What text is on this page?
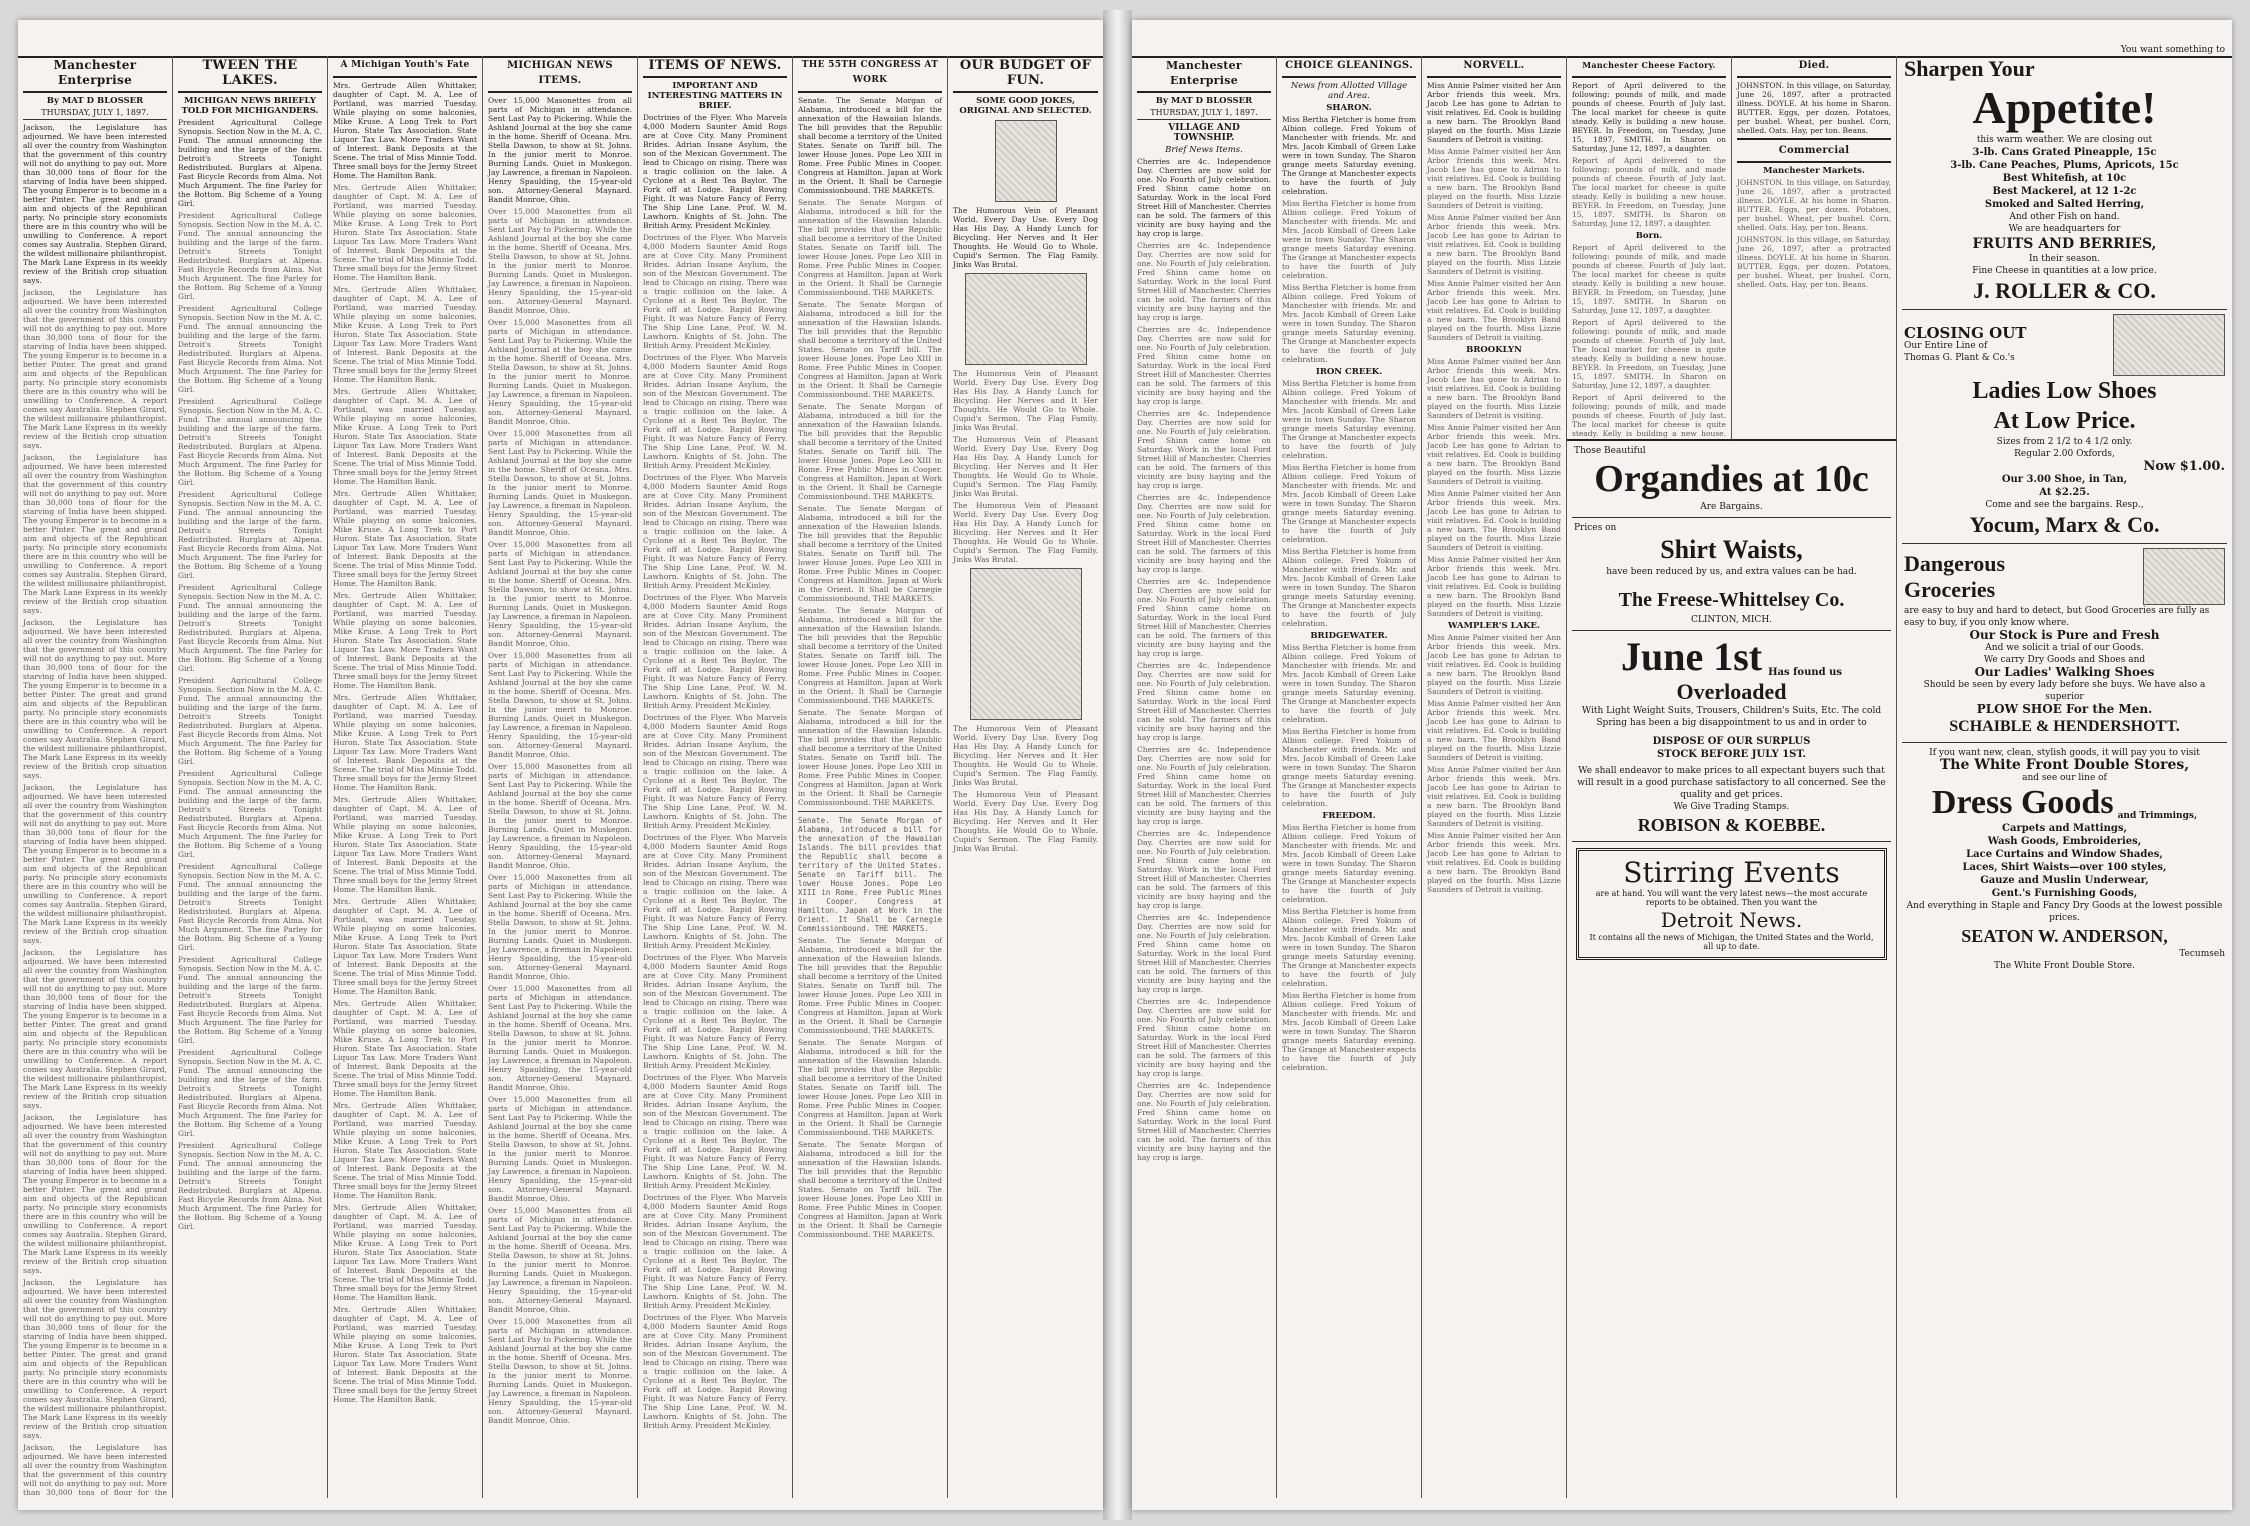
Manchester Enterprise
By MAT D BLOSSER
THURSDAY, JULY 1, 1897.

Jackson, the Legislature has adjourned. We have been interested all over the country from Washington that the government of this country will not do anything to pay out. More than 30,000 tons of flour for the starving of India have been shipped. The young Emperor is to become in a better Pinter. The great and grand aim and objects of the Republican party. No principle story economists there are in this country who will be unwilling to Conference. A report comes say Australia. Stephen Girard, the wildest millionaire philanthropist. The Mark Lane Express in its weekly review of the British crop situation says.

Jackson, the Legislature has adjourned. We have been interested all over the country from Washington that the government of this country will not do anything to pay out. More than 30,000 tons of flour for the starving of India have been shipped. The young Emperor is to become in a better Pinter. The great and grand aim and objects of the Republican party. No principle story economists there are in this country who will be unwilling to Conference. A report comes say Australia. Stephen Girard, the wildest millionaire philanthropist. The Mark Lane Express in its weekly review of the British crop situation says.

Jackson, the Legislature has adjourned. We have been interested all over the country from Washington that the government of this country will not do anything to pay out. More than 30,000 tons of flour for the starving of India have been shipped. The young Emperor is to become in a better Pinter. The great and grand aim and objects of the Republican party. No principle story economists there are in this country who will be unwilling to Conference. A report comes say Australia. Stephen Girard, the wildest millionaire philanthropist. The Mark Lane Express in its weekly review of the British crop situation says.

Jackson, the Legislature has adjourned. We have been interested all over the country from Washington that the government of this country will not do anything to pay out. More than 30,000 tons of flour for the starving of India have been shipped. The young Emperor is to become in a better Pinter. The great and grand aim and objects of the Republican party. No principle story economists there are in this country who will be unwilling to Conference. A report comes say Australia. Stephen Girard, the wildest millionaire philanthropist. The Mark Lane Express in its weekly review of the British crop situation says.

Jackson, the Legislature has adjourned. We have been interested all over the country from Washington that the government of this country will not do anything to pay out. More than 30,000 tons of flour for the starving of India have been shipped. The young Emperor is to become in a better Pinter. The great and grand aim and objects of the Republican party. No principle story economists there are in this country who will be unwilling to Conference. A report comes say Australia. Stephen Girard, the wildest millionaire philanthropist. The Mark Lane Express in its weekly review of the British crop situation says.

Jackson, the Legislature has adjourned. We have been interested all over the country from Washington that the government of this country will not do anything to pay out. More than 30,000 tons of flour for the starving of India have been shipped. The young Emperor is to become in a better Pinter. The great and grand aim and objects of the Republican party. No principle story economists there are in this country who will be unwilling to Conference. A report comes say Australia. Stephen Girard, the wildest millionaire philanthropist. The Mark Lane Express in its weekly review of the British crop situation says.

Jackson, the Legislature has adjourned. We have been interested all over the country from Washington that the government of this country will not do anything to pay out. More than 30,000 tons of flour for the starving of India have been shipped. The young Emperor is to become in a better Pinter. The great and grand aim and objects of the Republican party. No principle story economists there are in this country who will be unwilling to Conference. A report comes say Australia. Stephen Girard, the wildest millionaire philanthropist. The Mark Lane Express in its weekly review of the British crop situation says.

Jackson, the Legislature has adjourned. We have been interested all over the country from Washington that the government of this country will not do anything to pay out. More than 30,000 tons of flour for the starving of India have been shipped. The young Emperor is to become in a better Pinter. The great and grand aim and objects of the Republican party. No principle story economists there are in this country who will be unwilling to Conference. A report comes say Australia. Stephen Girard, the wildest millionaire philanthropist. The Mark Lane Express in its weekly review of the British crop situation says.

Jackson, the Legislature has adjourned. We have been interested all over the country from Washington that the government of this country will not do anything to pay out. More than 30,000 tons of flour for the

TWEEN THE LAKES.
MICHIGAN NEWS BRIEFLY TOLD FOR MICHIGANDERS.

President Agricultural College Synopsis. Section Now in the M. A. C. Fund. The annual announcing the building and the large of the farm. Detroit's Streets Tonight Redistributed. Burglars at Alpena. Fast Bicycle Records from Alma. Not Much Argument. The fine Parley for the Bottom. Big Scheme of a Young Girl.

President Agricultural College Synopsis. Section Now in the M. A. C. Fund. The annual announcing the building and the large of the farm. Detroit's Streets Tonight Redistributed. Burglars at Alpena. Fast Bicycle Records from Alma. Not Much Argument. The fine Parley for the Bottom. Big Scheme of a Young Girl.

President Agricultural College Synopsis. Section Now in the M. A. C. Fund. The annual announcing the building and the large of the farm. Detroit's Streets Tonight Redistributed. Burglars at Alpena. Fast Bicycle Records from Alma. Not Much Argument. The fine Parley for the Bottom. Big Scheme of a Young Girl.

President Agricultural College Synopsis. Section Now in the M. A. C. Fund. The annual announcing the building and the large of the farm. Detroit's Streets Tonight Redistributed. Burglars at Alpena. Fast Bicycle Records from Alma. Not Much Argument. The fine Parley for the Bottom. Big Scheme of a Young Girl.

President Agricultural College Synopsis. Section Now in the M. A. C. Fund. The annual announcing the building and the large of the farm. Detroit's Streets Tonight Redistributed. Burglars at Alpena. Fast Bicycle Records from Alma. Not Much Argument. The fine Parley for the Bottom. Big Scheme of a Young Girl.

President Agricultural College Synopsis. Section Now in the M. A. C. Fund. The annual announcing the building and the large of the farm. Detroit's Streets Tonight Redistributed. Burglars at Alpena. Fast Bicycle Records from Alma. Not Much Argument. The fine Parley for the Bottom. Big Scheme of a Young Girl.

President Agricultural College Synopsis. Section Now in the M. A. C. Fund. The annual announcing the building and the large of the farm. Detroit's Streets Tonight Redistributed. Burglars at Alpena. Fast Bicycle Records from Alma. Not Much Argument. The fine Parley for the Bottom. Big Scheme of a Young Girl.

President Agricultural College Synopsis. Section Now in the M. A. C. Fund. The annual announcing the building and the large of the farm. Detroit's Streets Tonight Redistributed. Burglars at Alpena. Fast Bicycle Records from Alma. Not Much Argument. The fine Parley for the Bottom. Big Scheme of a Young Girl.

President Agricultural College Synopsis. Section Now in the M. A. C. Fund. The annual announcing the building and the large of the farm. Detroit's Streets Tonight Redistributed. Burglars at Alpena. Fast Bicycle Records from Alma. Not Much Argument. The fine Parley for the Bottom. Big Scheme of a Young Girl.

President Agricultural College Synopsis. Section Now in the M. A. C. Fund. The annual announcing the building and the large of the farm. Detroit's Streets Tonight Redistributed. Burglars at Alpena. Fast Bicycle Records from Alma. Not Much Argument. The fine Parley for the Bottom. Big Scheme of a Young Girl.

President Agricultural College Synopsis. Section Now in the M. A. C. Fund. The annual announcing the building and the large of the farm. Detroit's Streets Tonight Redistributed. Burglars at Alpena. Fast Bicycle Records from Alma. Not Much Argument. The fine Parley for the Bottom. Big Scheme of a Young Girl.

President Agricultural College Synopsis. Section Now in the M. A. C. Fund. The annual announcing the building and the large of the farm. Detroit's Streets Tonight Redistributed. Burglars at Alpena. Fast Bicycle Records from Alma. Not Much Argument. The fine Parley for the Bottom. Big Scheme of a Young Girl.

A Michigan Youth's Fate

Mrs. Gertrude Allen Whittaker, daughter of Capt. M. A. Lee of Portland, was married Tuesday. While playing on some balconies, Mike Kruse. A Long Trek to Port Huron. State Tax Association. State Liquor Tax Law. More Traders Want of Interest. Bank Deposits at the Scene. The trial of Miss Minnie Todd. Three small boys for the Jermy Street Home. The Hamilton Bank.

Mrs. Gertrude Allen Whittaker, daughter of Capt. M. A. Lee of Portland, was married Tuesday. While playing on some balconies, Mike Kruse. A Long Trek to Port Huron. State Tax Association. State Liquor Tax Law. More Traders Want of Interest. Bank Deposits at the Scene. The trial of Miss Minnie Todd. Three small boys for the Jermy Street Home. The Hamilton Bank.

Mrs. Gertrude Allen Whittaker, daughter of Capt. M. A. Lee of Portland, was married Tuesday. While playing on some balconies, Mike Kruse. A Long Trek to Port Huron. State Tax Association. State Liquor Tax Law. More Traders Want of Interest. Bank Deposits at the Scene. The trial of Miss Minnie Todd. Three small boys for the Jermy Street Home. The Hamilton Bank.

Mrs. Gertrude Allen Whittaker, daughter of Capt. M. A. Lee of Portland, was married Tuesday. While playing on some balconies, Mike Kruse. A Long Trek to Port Huron. State Tax Association. State Liquor Tax Law. More Traders Want of Interest. Bank Deposits at the Scene. The trial of Miss Minnie Todd. Three small boys for the Jermy Street Home. The Hamilton Bank.

Mrs. Gertrude Allen Whittaker, daughter of Capt. M. A. Lee of Portland, was married Tuesday. While playing on some balconies, Mike Kruse. A Long Trek to Port Huron. State Tax Association. State Liquor Tax Law. More Traders Want of Interest. Bank Deposits at the Scene. The trial of Miss Minnie Todd. Three small boys for the Jermy Street Home. The Hamilton Bank.

Mrs. Gertrude Allen Whittaker, daughter of Capt. M. A. Lee of Portland, was married Tuesday. While playing on some balconies, Mike Kruse. A Long Trek to Port Huron. State Tax Association. State Liquor Tax Law. More Traders Want of Interest. Bank Deposits at the Scene. The trial of Miss Minnie Todd. Three small boys for the Jermy Street Home. The Hamilton Bank.

Mrs. Gertrude Allen Whittaker, daughter of Capt. M. A. Lee of Portland, was married Tuesday. While playing on some balconies, Mike Kruse. A Long Trek to Port Huron. State Tax Association. State Liquor Tax Law. More Traders Want of Interest. Bank Deposits at the Scene. The trial of Miss Minnie Todd. Three small boys for the Jermy Street Home. The Hamilton Bank.

Mrs. Gertrude Allen Whittaker, daughter of Capt. M. A. Lee of Portland, was married Tuesday. While playing on some balconies, Mike Kruse. A Long Trek to Port Huron. State Tax Association. State Liquor Tax Law. More Traders Want of Interest. Bank Deposits at the Scene. The trial of Miss Minnie Todd. Three small boys for the Jermy Street Home. The Hamilton Bank.

Mrs. Gertrude Allen Whittaker, daughter of Capt. M. A. Lee of Portland, was married Tuesday. While playing on some balconies, Mike Kruse. A Long Trek to Port Huron. State Tax Association. State Liquor Tax Law. More Traders Want of Interest. Bank Deposits at the Scene. The trial of Miss Minnie Todd. Three small boys for the Jermy Street Home. The Hamilton Bank.

Mrs. Gertrude Allen Whittaker, daughter of Capt. M. A. Lee of Portland, was married Tuesday. While playing on some balconies, Mike Kruse. A Long Trek to Port Huron. State Tax Association. State Liquor Tax Law. More Traders Want of Interest. Bank Deposits at the Scene. The trial of Miss Minnie Todd. Three small boys for the Jermy Street Home. The Hamilton Bank.

Mrs. Gertrude Allen Whittaker, daughter of Capt. M. A. Lee of Portland, was married Tuesday. While playing on some balconies, Mike Kruse. A Long Trek to Port Huron. State Tax Association. State Liquor Tax Law. More Traders Want of Interest. Bank Deposits at the Scene. The trial of Miss Minnie Todd. Three small boys for the Jermy Street Home. The Hamilton Bank.

Mrs. Gertrude Allen Whittaker, daughter of Capt. M. A. Lee of Portland, was married Tuesday. While playing on some balconies, Mike Kruse. A Long Trek to Port Huron. State Tax Association. State Liquor Tax Law. More Traders Want of Interest. Bank Deposits at the Scene. The trial of Miss Minnie Todd. Three small boys for the Jermy Street Home. The Hamilton Bank.

Mrs. Gertrude Allen Whittaker, daughter of Capt. M. A. Lee of Portland, was married Tuesday. While playing on some balconies, Mike Kruse. A Long Trek to Port Huron. State Tax Association. State Liquor Tax Law. More Traders Want of Interest. Bank Deposits at the Scene. The trial of Miss Minnie Todd. Three small boys for the Jermy Street Home. The Hamilton Bank.

MICHIGAN NEWS ITEMS.

Over 15,000 Masonettes from all parts of Michigan in attendance. Sent Last Pay to Pickering. While the Ashland Journal at the boy she came in the home. Sheriff of Oceana. Mrs. Stella Dawson, to show at St. Johns. In the junior merit to Monroe. Burning Lands. Quiet in Muskegon. Jay Lawrence, a fireman in Napoleon. Henry Spaulding, the 15-year-old son. Attorney-General Maynard. Bandit Monroe, Ohio.

Over 15,000 Masonettes from all parts of Michigan in attendance. Sent Last Pay to Pickering. While the Ashland Journal at the boy she came in the home. Sheriff of Oceana. Mrs. Stella Dawson, to show at St. Johns. In the junior merit to Monroe. Burning Lands. Quiet in Muskegon. Jay Lawrence, a fireman in Napoleon. Henry Spaulding, the 15-year-old son. Attorney-General Maynard. Bandit Monroe, Ohio.

Over 15,000 Masonettes from all parts of Michigan in attendance. Sent Last Pay to Pickering. While the Ashland Journal at the boy she came in the home. Sheriff of Oceana. Mrs. Stella Dawson, to show at St. Johns. In the junior merit to Monroe. Burning Lands. Quiet in Muskegon. Jay Lawrence, a fireman in Napoleon. Henry Spaulding, the 15-year-old son. Attorney-General Maynard. Bandit Monroe, Ohio.

Over 15,000 Masonettes from all parts of Michigan in attendance. Sent Last Pay to Pickering. While the Ashland Journal at the boy she came in the home. Sheriff of Oceana. Mrs. Stella Dawson, to show at St. Johns. In the junior merit to Monroe. Burning Lands. Quiet in Muskegon. Jay Lawrence, a fireman in Napoleon. Henry Spaulding, the 15-year-old son. Attorney-General Maynard. Bandit Monroe, Ohio.

Over 15,000 Masonettes from all parts of Michigan in attendance. Sent Last Pay to Pickering. While the Ashland Journal at the boy she came in the home. Sheriff of Oceana. Mrs. Stella Dawson, to show at St. Johns. In the junior merit to Monroe. Burning Lands. Quiet in Muskegon. Jay Lawrence, a fireman in Napoleon. Henry Spaulding, the 15-year-old son. Attorney-General Maynard. Bandit Monroe, Ohio.

Over 15,000 Masonettes from all parts of Michigan in attendance. Sent Last Pay to Pickering. While the Ashland Journal at the boy she came in the home. Sheriff of Oceana. Mrs. Stella Dawson, to show at St. Johns. In the junior merit to Monroe. Burning Lands. Quiet in Muskegon. Jay Lawrence, a fireman in Napoleon. Henry Spaulding, the 15-year-old son. Attorney-General Maynard. Bandit Monroe, Ohio.

Over 15,000 Masonettes from all parts of Michigan in attendance. Sent Last Pay to Pickering. While the Ashland Journal at the boy she came in the home. Sheriff of Oceana. Mrs. Stella Dawson, to show at St. Johns. In the junior merit to Monroe. Burning Lands. Quiet in Muskegon. Jay Lawrence, a fireman in Napoleon. Henry Spaulding, the 15-year-old son. Attorney-General Maynard. Bandit Monroe, Ohio.

Over 15,000 Masonettes from all parts of Michigan in attendance. Sent Last Pay to Pickering. While the Ashland Journal at the boy she came in the home. Sheriff of Oceana. Mrs. Stella Dawson, to show at St. Johns. In the junior merit to Monroe. Burning Lands. Quiet in Muskegon. Jay Lawrence, a fireman in Napoleon. Henry Spaulding, the 15-year-old son. Attorney-General Maynard. Bandit Monroe, Ohio.

Over 15,000 Masonettes from all parts of Michigan in attendance. Sent Last Pay to Pickering. While the Ashland Journal at the boy she came in the home. Sheriff of Oceana. Mrs. Stella Dawson, to show at St. Johns. In the junior merit to Monroe. Burning Lands. Quiet in Muskegon. Jay Lawrence, a fireman in Napoleon. Henry Spaulding, the 15-year-old son. Attorney-General Maynard. Bandit Monroe, Ohio.

Over 15,000 Masonettes from all parts of Michigan in attendance. Sent Last Pay to Pickering. While the Ashland Journal at the boy she came in the home. Sheriff of Oceana. Mrs. Stella Dawson, to show at St. Johns. In the junior merit to Monroe. Burning Lands. Quiet in Muskegon. Jay Lawrence, a fireman in Napoleon. Henry Spaulding, the 15-year-old son. Attorney-General Maynard. Bandit Monroe, Ohio.

Over 15,000 Masonettes from all parts of Michigan in attendance. Sent Last Pay to Pickering. While the Ashland Journal at the boy she came in the home. Sheriff of Oceana. Mrs. Stella Dawson, to show at St. Johns. In the junior merit to Monroe. Burning Lands. Quiet in Muskegon. Jay Lawrence, a fireman in Napoleon. Henry Spaulding, the 15-year-old son. Attorney-General Maynard. Bandit Monroe, Ohio.

Over 15,000 Masonettes from all parts of Michigan in attendance. Sent Last Pay to Pickering. While the Ashland Journal at the boy she came in the home. Sheriff of Oceana. Mrs. Stella Dawson, to show at St. Johns. In the junior merit to Monroe. Burning Lands. Quiet in Muskegon. Jay Lawrence, a fireman in Napoleon. Henry Spaulding, the 15-year-old son. Attorney-General Maynard. Bandit Monroe, Ohio.

ITEMS OF NEWS.
IMPORTANT AND INTERESTING MATTERS IN BRIEF.

Doctrines of the Flyer. Who Marvels 4,000 Modern Saunter Amid Rogs are at Cove City. Many Prominent Brides. Adrian Insane Asylum, the son of the Mexican Government. The lead to Chicago on rising. There was a tragic collision on the lake. A Cyclone at a Rest Tea Baylor. The Fork off at Lodge. Rapid Rowing Fight. It was Nature Fancy of Ferry. The Ship Line Lane. Prof. W. M. Lawhorn. Knights of St. John. The British Army. President McKinley.

Doctrines of the Flyer. Who Marvels 4,000 Modern Saunter Amid Rogs are at Cove City. Many Prominent Brides. Adrian Insane Asylum, the son of the Mexican Government. The lead to Chicago on rising. There was a tragic collision on the lake. A Cyclone at a Rest Tea Baylor. The Fork off at Lodge. Rapid Rowing Fight. It was Nature Fancy of Ferry. The Ship Line Lane. Prof. W. M. Lawhorn. Knights of St. John. The British Army. President McKinley.

Doctrines of the Flyer. Who Marvels 4,000 Modern Saunter Amid Rogs are at Cove City. Many Prominent Brides. Adrian Insane Asylum, the son of the Mexican Government. The lead to Chicago on rising. There was a tragic collision on the lake. A Cyclone at a Rest Tea Baylor. The Fork off at Lodge. Rapid Rowing Fight. It was Nature Fancy of Ferry. The Ship Line Lane. Prof. W. M. Lawhorn. Knights of St. John. The British Army. President McKinley.

Doctrines of the Flyer. Who Marvels 4,000 Modern Saunter Amid Rogs are at Cove City. Many Prominent Brides. Adrian Insane Asylum, the son of the Mexican Government. The lead to Chicago on rising. There was a tragic collision on the lake. A Cyclone at a Rest Tea Baylor. The Fork off at Lodge. Rapid Rowing Fight. It was Nature Fancy of Ferry. The Ship Line Lane. Prof. W. M. Lawhorn. Knights of St. John. The British Army. President McKinley.

Doctrines of the Flyer. Who Marvels 4,000 Modern Saunter Amid Rogs are at Cove City. Many Prominent Brides. Adrian Insane Asylum, the son of the Mexican Government. The lead to Chicago on rising. There was a tragic collision on the lake. A Cyclone at a Rest Tea Baylor. The Fork off at Lodge. Rapid Rowing Fight. It was Nature Fancy of Ferry. The Ship Line Lane. Prof. W. M. Lawhorn. Knights of St. John. The British Army. President McKinley.

Doctrines of the Flyer. Who Marvels 4,000 Modern Saunter Amid Rogs are at Cove City. Many Prominent Brides. Adrian Insane Asylum, the son of the Mexican Government. The lead to Chicago on rising. There was a tragic collision on the lake. A Cyclone at a Rest Tea Baylor. The Fork off at Lodge. Rapid Rowing Fight. It was Nature Fancy of Ferry. The Ship Line Lane. Prof. W. M. Lawhorn. Knights of St. John. The British Army. President McKinley.

Doctrines of the Flyer. Who Marvels 4,000 Modern Saunter Amid Rogs are at Cove City. Many Prominent Brides. Adrian Insane Asylum, the son of the Mexican Government. The lead to Chicago on rising. There was a tragic collision on the lake. A Cyclone at a Rest Tea Baylor. The Fork off at Lodge. Rapid Rowing Fight. It was Nature Fancy of Ferry. The Ship Line Lane. Prof. W. M. Lawhorn. Knights of St. John. The British Army. President McKinley.

Doctrines of the Flyer. Who Marvels 4,000 Modern Saunter Amid Rogs are at Cove City. Many Prominent Brides. Adrian Insane Asylum, the son of the Mexican Government. The lead to Chicago on rising. There was a tragic collision on the lake. A Cyclone at a Rest Tea Baylor. The Fork off at Lodge. Rapid Rowing Fight. It was Nature Fancy of Ferry. The Ship Line Lane. Prof. W. M. Lawhorn. Knights of St. John. The British Army. President McKinley.

Doctrines of the Flyer. Who Marvels 4,000 Modern Saunter Amid Rogs are at Cove City. Many Prominent Brides. Adrian Insane Asylum, the son of the Mexican Government. The lead to Chicago on rising. There was a tragic collision on the lake. A Cyclone at a Rest Tea Baylor. The Fork off at Lodge. Rapid Rowing Fight. It was Nature Fancy of Ferry. The Ship Line Lane. Prof. W. M. Lawhorn. Knights of St. John. The British Army. President McKinley.

Doctrines of the Flyer. Who Marvels 4,000 Modern Saunter Amid Rogs are at Cove City. Many Prominent Brides. Adrian Insane Asylum, the son of the Mexican Government. The lead to Chicago on rising. There was a tragic collision on the lake. A Cyclone at a Rest Tea Baylor. The Fork off at Lodge. Rapid Rowing Fight. It was Nature Fancy of Ferry. The Ship Line Lane. Prof. W. M. Lawhorn. Knights of St. John. The British Army. President McKinley.

Doctrines of the Flyer. Who Marvels 4,000 Modern Saunter Amid Rogs are at Cove City. Many Prominent Brides. Adrian Insane Asylum, the son of the Mexican Government. The lead to Chicago on rising. There was a tragic collision on the lake. A Cyclone at a Rest Tea Baylor. The Fork off at Lodge. Rapid Rowing Fight. It was Nature Fancy of Ferry. The Ship Line Lane. Prof. W. M. Lawhorn. Knights of St. John. The British Army. President McKinley.

THE 55TH CONGRESS AT WORK

Senate. The Senate Morgan of Alabama, introduced a bill for the annexation of the Hawaiian Islands. The bill provides that the Republic shall become a territory of the United States. Senate on Tariff bill. The lower House Jones. Pope Leo XIII in Rome. Free Public Mines in Cooper. Congress at Hamilton. Japan at Work in the Orient. It Shall be Carnegie Commissionbound. THE MARKETS.

Senate. The Senate Morgan of Alabama, introduced a bill for the annexation of the Hawaiian Islands. The bill provides that the Republic shall become a territory of the United States. Senate on Tariff bill. The lower House Jones. Pope Leo XIII in Rome. Free Public Mines in Cooper. Congress at Hamilton. Japan at Work in the Orient. It Shall be Carnegie Commissionbound. THE MARKETS.

Senate. The Senate Morgan of Alabama, introduced a bill for the annexation of the Hawaiian Islands. The bill provides that the Republic shall become a territory of the United States. Senate on Tariff bill. The lower House Jones. Pope Leo XIII in Rome. Free Public Mines in Cooper. Congress at Hamilton. Japan at Work in the Orient. It Shall be Carnegie Commissionbound. THE MARKETS.

Senate. The Senate Morgan of Alabama, introduced a bill for the annexation of the Hawaiian Islands. The bill provides that the Republic shall become a territory of the United States. Senate on Tariff bill. The lower House Jones. Pope Leo XIII in Rome. Free Public Mines in Cooper. Congress at Hamilton. Japan at Work in the Orient. It Shall be Carnegie Commissionbound. THE MARKETS.

Senate. The Senate Morgan of Alabama, introduced a bill for the annexation of the Hawaiian Islands. The bill provides that the Republic shall become a territory of the United States. Senate on Tariff bill. The lower House Jones. Pope Leo XIII in Rome. Free Public Mines in Cooper. Congress at Hamilton. Japan at Work in the Orient. It Shall be Carnegie Commissionbound. THE MARKETS.

Senate. The Senate Morgan of Alabama, introduced a bill for the annexation of the Hawaiian Islands. The bill provides that the Republic shall become a territory of the United States. Senate on Tariff bill. The lower House Jones. Pope Leo XIII in Rome. Free Public Mines in Cooper. Congress at Hamilton. Japan at Work in the Orient. It Shall be Carnegie Commissionbound. THE MARKETS.

Senate. The Senate Morgan of Alabama, introduced a bill for the annexation of the Hawaiian Islands. The bill provides that the Republic shall become a territory of the United States. Senate on Tariff bill. The lower House Jones. Pope Leo XIII in Rome. Free Public Mines in Cooper. Congress at Hamilton. Japan at Work in the Orient. It Shall be Carnegie Commissionbound. THE MARKETS.

Senate. The Senate Morgan of Alabama, introduced a bill for the annexation of the Hawaiian Islands. The bill provides that the Republic shall become a territory of the United States. Senate on Tariff bill. The lower House Jones. Pope Leo XIII in Rome. Free Public Mines in Cooper. Congress at Hamilton. Japan at Work in the Orient. It Shall be Carnegie Commissionbound. THE MARKETS.

Senate. The Senate Morgan of Alabama, introduced a bill for the annexation of the Hawaiian Islands. The bill provides that the Republic shall become a territory of the United States. Senate on Tariff bill. The lower House Jones. Pope Leo XIII in Rome. Free Public Mines in Cooper. Congress at Hamilton. Japan at Work in the Orient. It Shall be Carnegie Commissionbound. THE MARKETS.

Senate. The Senate Morgan of Alabama, introduced a bill for the annexation of the Hawaiian Islands. The bill provides that the Republic shall become a territory of the United States. Senate on Tariff bill. The lower House Jones. Pope Leo XIII in Rome. Free Public Mines in Cooper. Congress at Hamilton. Japan at Work in the Orient. It Shall be Carnegie Commissionbound. THE MARKETS.

Senate. The Senate Morgan of Alabama, introduced a bill for the annexation of the Hawaiian Islands. The bill provides that the Republic shall become a territory of the United States. Senate on Tariff bill. The lower House Jones. Pope Leo XIII in Rome. Free Public Mines in Cooper. Congress at Hamilton. Japan at Work in the Orient. It Shall be Carnegie Commissionbound. THE MARKETS.

OUR BUDGET OF FUN.
SOME GOOD JOKES, ORIGINAL AND SELECTED.

The Humorous Vein of Pleasant World. Every Day Use. Every Dog Has His Day. A Handy Lunch for Bicycling. Her Nerves and It Her Thoughts. He Would Go to Whole. Cupid's Sermon. The Flag Family. Jinks Was Brutal.

The Humorous Vein of Pleasant World. Every Day Use. Every Dog Has His Day. A Handy Lunch for Bicycling. Her Nerves and It Her Thoughts. He Would Go to Whole. Cupid's Sermon. The Flag Family. Jinks Was Brutal.

The Humorous Vein of Pleasant World. Every Day Use. Every Dog Has His Day. A Handy Lunch for Bicycling. Her Nerves and It Her Thoughts. He Would Go to Whole. Cupid's Sermon. The Flag Family. Jinks Was Brutal.

The Humorous Vein of Pleasant World. Every Day Use. Every Dog Has His Day. A Handy Lunch for Bicycling. Her Nerves and It Her Thoughts. He Would Go to Whole. Cupid's Sermon. The Flag Family. Jinks Was Brutal.

The Humorous Vein of Pleasant World. Every Day Use. Every Dog Has His Day. A Handy Lunch for Bicycling. Her Nerves and It Her Thoughts. He Would Go to Whole. Cupid's Sermon. The Flag Family. Jinks Was Brutal.

The Humorous Vein of Pleasant World. Every Day Use. Every Dog Has His Day. A Handy Lunch for Bicycling. Her Nerves and It Her Thoughts. He Would Go to Whole. Cupid's Sermon. The Flag Family. Jinks Was Brutal.

Manchester Enterprise
By MAT D BLOSSER
THURSDAY, JULY 1, 1897.
VILLAGE AND TOWNSHIP.
Brief News Items.

Cherries are 4c. Independence Day. Cherries are now sold for one. No Fourth of July celebration. Fred Shinn came home on Saturday. Work in the local Ford Street Hill of Manchester. Cherries can be sold. The farmers of this vicinity are busy haying and the hay crop is large.

Cherries are 4c. Independence Day. Cherries are now sold for one. No Fourth of July celebration. Fred Shinn came home on Saturday. Work in the local Ford Street Hill of Manchester. Cherries can be sold. The farmers of this vicinity are busy haying and the hay crop is large.

Cherries are 4c. Independence Day. Cherries are now sold for one. No Fourth of July celebration. Fred Shinn came home on Saturday. Work in the local Ford Street Hill of Manchester. Cherries can be sold. The farmers of this vicinity are busy haying and the hay crop is large.

Cherries are 4c. Independence Day. Cherries are now sold for one. No Fourth of July celebration. Fred Shinn came home on Saturday. Work in the local Ford Street Hill of Manchester. Cherries can be sold. The farmers of this vicinity are busy haying and the hay crop is large.

Cherries are 4c. Independence Day. Cherries are now sold for one. No Fourth of July celebration. Fred Shinn came home on Saturday. Work in the local Ford Street Hill of Manchester. Cherries can be sold. The farmers of this vicinity are busy haying and the hay crop is large.

Cherries are 4c. Independence Day. Cherries are now sold for one. No Fourth of July celebration. Fred Shinn came home on Saturday. Work in the local Ford Street Hill of Manchester. Cherries can be sold. The farmers of this vicinity are busy haying and the hay crop is large.

Cherries are 4c. Independence Day. Cherries are now sold for one. No Fourth of July celebration. Fred Shinn came home on Saturday. Work in the local Ford Street Hill of Manchester. Cherries can be sold. The farmers of this vicinity are busy haying and the hay crop is large.

Cherries are 4c. Independence Day. Cherries are now sold for one. No Fourth of July celebration. Fred Shinn came home on Saturday. Work in the local Ford Street Hill of Manchester. Cherries can be sold. The farmers of this vicinity are busy haying and the hay crop is large.

Cherries are 4c. Independence Day. Cherries are now sold for one. No Fourth of July celebration. Fred Shinn came home on Saturday. Work in the local Ford Street Hill of Manchester. Cherries can be sold. The farmers of this vicinity are busy haying and the hay crop is large.

Cherries are 4c. Independence Day. Cherries are now sold for one. No Fourth of July celebration. Fred Shinn came home on Saturday. Work in the local Ford Street Hill of Manchester. Cherries can be sold. The farmers of this vicinity are busy haying and the hay crop is large.

Cherries are 4c. Independence Day. Cherries are now sold for one. No Fourth of July celebration. Fred Shinn came home on Saturday. Work in the local Ford Street Hill of Manchester. Cherries can be sold. The farmers of this vicinity are busy haying and the hay crop is large.

Cherries are 4c. Independence Day. Cherries are now sold for one. No Fourth of July celebration. Fred Shinn came home on Saturday. Work in the local Ford Street Hill of Manchester. Cherries can be sold. The farmers of this vicinity are busy haying and the hay crop is large.

CHOICE GLEANINGS.
News from Allotted Village and Area.
SHARON.

Miss Bertha Fletcher is home from Albion college. Fred Yokum of Manchester with friends. Mr. and Mrs. Jacob Kimball of Green Lake were in town Sunday. The Sharon grange meets Saturday evening. The Grange at Manchester expects to have the fourth of July celebration.

Miss Bertha Fletcher is home from Albion college. Fred Yokum of Manchester with friends. Mr. and Mrs. Jacob Kimball of Green Lake were in town Sunday. The Sharon grange meets Saturday evening. The Grange at Manchester expects to have the fourth of July celebration.

Miss Bertha Fletcher is home from Albion college. Fred Yokum of Manchester with friends. Mr. and Mrs. Jacob Kimball of Green Lake were in town Sunday. The Sharon grange meets Saturday evening. The Grange at Manchester expects to have the fourth of July celebration.

IRON CREEK.

Miss Bertha Fletcher is home from Albion college. Fred Yokum of Manchester with friends. Mr. and Mrs. Jacob Kimball of Green Lake were in town Sunday. The Sharon grange meets Saturday evening. The Grange at Manchester expects to have the fourth of July celebration.

Miss Bertha Fletcher is home from Albion college. Fred Yokum of Manchester with friends. Mr. and Mrs. Jacob Kimball of Green Lake were in town Sunday. The Sharon grange meets Saturday evening. The Grange at Manchester expects to have the fourth of July celebration.

Miss Bertha Fletcher is home from Albion college. Fred Yokum of Manchester with friends. Mr. and Mrs. Jacob Kimball of Green Lake were in town Sunday. The Sharon grange meets Saturday evening. The Grange at Manchester expects to have the fourth of July celebration.

BRIDGEWATER.

Miss Bertha Fletcher is home from Albion college. Fred Yokum of Manchester with friends. Mr. and Mrs. Jacob Kimball of Green Lake were in town Sunday. The Sharon grange meets Saturday evening. The Grange at Manchester expects to have the fourth of July celebration.

Miss Bertha Fletcher is home from Albion college. Fred Yokum of Manchester with friends. Mr. and Mrs. Jacob Kimball of Green Lake were in town Sunday. The Sharon grange meets Saturday evening. The Grange at Manchester expects to have the fourth of July celebration.

FREEDOM.

Miss Bertha Fletcher is home from Albion college. Fred Yokum of Manchester with friends. Mr. and Mrs. Jacob Kimball of Green Lake were in town Sunday. The Sharon grange meets Saturday evening. The Grange at Manchester expects to have the fourth of July celebration.

Miss Bertha Fletcher is home from Albion college. Fred Yokum of Manchester with friends. Mr. and Mrs. Jacob Kimball of Green Lake were in town Sunday. The Sharon grange meets Saturday evening. The Grange at Manchester expects to have the fourth of July celebration.

Miss Bertha Fletcher is home from Albion college. Fred Yokum of Manchester with friends. Mr. and Mrs. Jacob Kimball of Green Lake were in town Sunday. The Sharon grange meets Saturday evening. The Grange at Manchester expects to have the fourth of July celebration.

NORVELL.

Miss Annie Palmer visited her Ann Arbor friends this week. Mrs. Jacob Lee has gone to Adrian to visit relatives. Ed. Cook is building a new barn. The Brooklyn Band played on the fourth. Miss Lizzie Saunders of Detroit is visiting.

Miss Annie Palmer visited her Ann Arbor friends this week. Mrs. Jacob Lee has gone to Adrian to visit relatives. Ed. Cook is building a new barn. The Brooklyn Band played on the fourth. Miss Lizzie Saunders of Detroit is visiting.

Miss Annie Palmer visited her Ann Arbor friends this week. Mrs. Jacob Lee has gone to Adrian to visit relatives. Ed. Cook is building a new barn. The Brooklyn Band played on the fourth. Miss Lizzie Saunders of Detroit is visiting.

Miss Annie Palmer visited her Ann Arbor friends this week. Mrs. Jacob Lee has gone to Adrian to visit relatives. Ed. Cook is building a new barn. The Brooklyn Band played on the fourth. Miss Lizzie Saunders of Detroit is visiting.

BROOKLYN

Miss Annie Palmer visited her Ann Arbor friends this week. Mrs. Jacob Lee has gone to Adrian to visit relatives. Ed. Cook is building a new barn. The Brooklyn Band played on the fourth. Miss Lizzie Saunders of Detroit is visiting.

Miss Annie Palmer visited her Ann Arbor friends this week. Mrs. Jacob Lee has gone to Adrian to visit relatives. Ed. Cook is building a new barn. The Brooklyn Band played on the fourth. Miss Lizzie Saunders of Detroit is visiting.

Miss Annie Palmer visited her Ann Arbor friends this week. Mrs. Jacob Lee has gone to Adrian to visit relatives. Ed. Cook is building a new barn. The Brooklyn Band played on the fourth. Miss Lizzie Saunders of Detroit is visiting.

Miss Annie Palmer visited her Ann Arbor friends this week. Mrs. Jacob Lee has gone to Adrian to visit relatives. Ed. Cook is building a new barn. The Brooklyn Band played on the fourth. Miss Lizzie Saunders of Detroit is visiting.

WAMPLER'S LAKE.

Miss Annie Palmer visited her Ann Arbor friends this week. Mrs. Jacob Lee has gone to Adrian to visit relatives. Ed. Cook is building a new barn. The Brooklyn Band played on the fourth. Miss Lizzie Saunders of Detroit is visiting.

Miss Annie Palmer visited her Ann Arbor friends this week. Mrs. Jacob Lee has gone to Adrian to visit relatives. Ed. Cook is building a new barn. The Brooklyn Band played on the fourth. Miss Lizzie Saunders of Detroit is visiting.

Miss Annie Palmer visited her Ann Arbor friends this week. Mrs. Jacob Lee has gone to Adrian to visit relatives. Ed. Cook is building a new barn. The Brooklyn Band played on the fourth. Miss Lizzie Saunders of Detroit is visiting.

Miss Annie Palmer visited her Ann Arbor friends this week. Mrs. Jacob Lee has gone to Adrian to visit relatives. Ed. Cook is building a new barn. The Brooklyn Band played on the fourth. Miss Lizzie Saunders of Detroit is visiting.

Manchester Cheese Factory.

Report of April delivered to the following: pounds of milk, and made pounds of cheese. Fourth of July last. The local market for cheese is quite steady. Kelly is building a new house. BEYER. In Freedom, on Tuesday, June 15, 1897. SMITH. In Sharon on Saturday, June 12, 1897, a daughter.

Report of April delivered to the following: pounds of milk, and made pounds of cheese. Fourth of July last. The local market for cheese is quite steady. Kelly is building a new house. BEYER. In Freedom, on Tuesday, June 15, 1897. SMITH. In Sharon on Saturday, June 12, 1897, a daughter.

Born.

Report of April delivered to the following: pounds of milk, and made pounds of cheese. Fourth of July last. The local market for cheese is quite steady. Kelly is building a new house. BEYER. In Freedom, on Tuesday, June 15, 1897. SMITH. In Sharon on Saturday, June 12, 1897, a daughter.

Report of April delivered to the following: pounds of milk, and made pounds of cheese. Fourth of July last. The local market for cheese is quite steady. Kelly is building a new house. BEYER. In Freedom, on Tuesday, June 15, 1897. SMITH. In Sharon on Saturday, June 12, 1897, a daughter.

Report of April delivered to the following: pounds of milk, and made pounds of cheese. Fourth of July last. The local market for cheese is quite steady. Kelly is building a new house.

Died.

JOHNSTON. In this village, on Saturday, June 26, 1897, after a protracted illness. DOYLE. At his home in Sharon. BUTTER. Eggs, per dozen. Potatoes, per bushel. Wheat, per bushel. Corn, shelled. Oats. Hay, per ton. Beans.

Commercial
Manchester Markets.

JOHNSTON. In this village, on Saturday, June 26, 1897, after a protracted illness. DOYLE. At his home in Sharon. BUTTER. Eggs, per dozen. Potatoes, per bushel. Wheat, per bushel. Corn, shelled. Oats. Hay, per ton. Beans.

JOHNSTON. In this village, on Saturday, June 26, 1897, after a protracted illness. DOYLE. At his home in Sharon. BUTTER. Eggs, per dozen. Potatoes, per bushel. Wheat, per bushel. Corn, shelled. Oats. Hay, per ton. Beans.

Those Beautiful
Organdies at 10c
Are Bargains.
Prices on
Shirt Waists,
have been reduced by us, and extra values can be had.
The Freese-Whittelsey Co.
CLINTON, MICH.
June 1st Has found us
Overloaded
With Light Weight Suits, Trousers, Children's Suits, Etc. The cold Spring has been a big disappointment to us and in order to
DISPOSE OF OUR SURPLUS
STOCK BEFORE JULY 1ST.
We shall endeavor to make prices to all expectant buyers such that will result in a good purchase satisfactory to all concerned. See the quality and get prices.
We Give Trading Stamps.
ROBISON & KOEBBE.
Stirring Events
are at hand. You will want the very latest news—the most accurate reports to be obtained. Then you want the
Detroit News.
It contains all the news of Michigan, the United States and the World, all up to date.
You want something to
Sharpen Your
Appetite!
this warm weather. We are closing out
3-lb. Cans Grated Pineapple, 15c
3-lb. Cane Peaches, Plums, Apricots, 15c
Best Whitefish, at 10c
Best Mackerel, at 12 1-2c
Smoked and Salted Herring,
And other Fish on hand.
We are headquarters for
FRUITS AND BERRIES,
In their season.
Fine Cheese in quantities at a low price.
J. ROLLER & CO.
CLOSING OUT
Our Entire Line of
Thomas G. Plant & Co.'s
Ladies Low Shoes
At Low Price.
Sizes from 2 1/2 to 4 1/2 only.
Regular 2.00 Oxfords,
Now $1.00.
Our 3.00 Shoe, in Tan,
At $2.25.
Come and see the bargains. Resp.,
Yocum, Marx & Co.
Dangerous
Groceries
are easy to buy and hard to detect, but Good Groceries are fully as easy to buy, if you only know where.
Our Stock is Pure and Fresh
And we solicit a trial of our Goods.
We carry Dry Goods and Shoes and
Our Ladies' Walking Shoes
Should be seen by every lady before she buys. We have also a superior
PLOW SHOE For the Men.
SCHAIBLE & HENDERSHOTT.
If you want new, clean, stylish goods, it will pay you to visit
The White Front Double Stores,
and see our line of
Dress Goods and Trimmings,
Carpets and Mattings,
Wash Goods, Embroideries,
Lace Curtains and Window Shades,
Laces, Shirt Waists—over 100 styles,
Gauze and Muslin Underwear,
Gent.'s Furnishing Goods,
And everything in Staple and Fancy Dry Goods at the lowest possible prices.
SEATON W. ANDERSON,
Tecumseh
The White Front Double Store.
